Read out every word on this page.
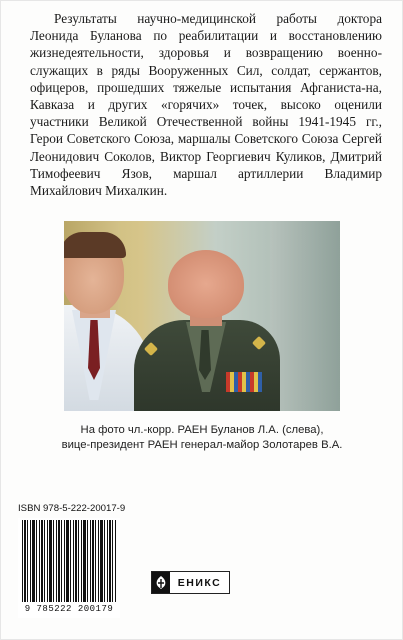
Результаты научно-медицинской работы доктора Леонида Буланова по реабилитации и восстановлению жизнедеятельности, здоровья и возвращению военно-служащих в ряды Вооруженных Сил, солдат, сержантов, офицеров, прошедших тяжелые испытания Афганиста-на, Кавказа и других «горячих» точек, высоко оценили участники Великой Отечественной войны 1941-1945 гг., Герои Советского Союза, маршалы Советского Союза Сергей Леонидович Соколов, Виктор Георгиевич Куликов, Дмитрий Тимофеевич Язов, маршал артиллерии Владимир Михайлович Михалкин.

На фото чл.-корр. РАЕН Буланов Л.А. (слева),
вице-президент РАЕН генерал-майор Золотарев В.А.
ISBN 978-5-222-20017-9
9 785222 200179
ЕНИКС
